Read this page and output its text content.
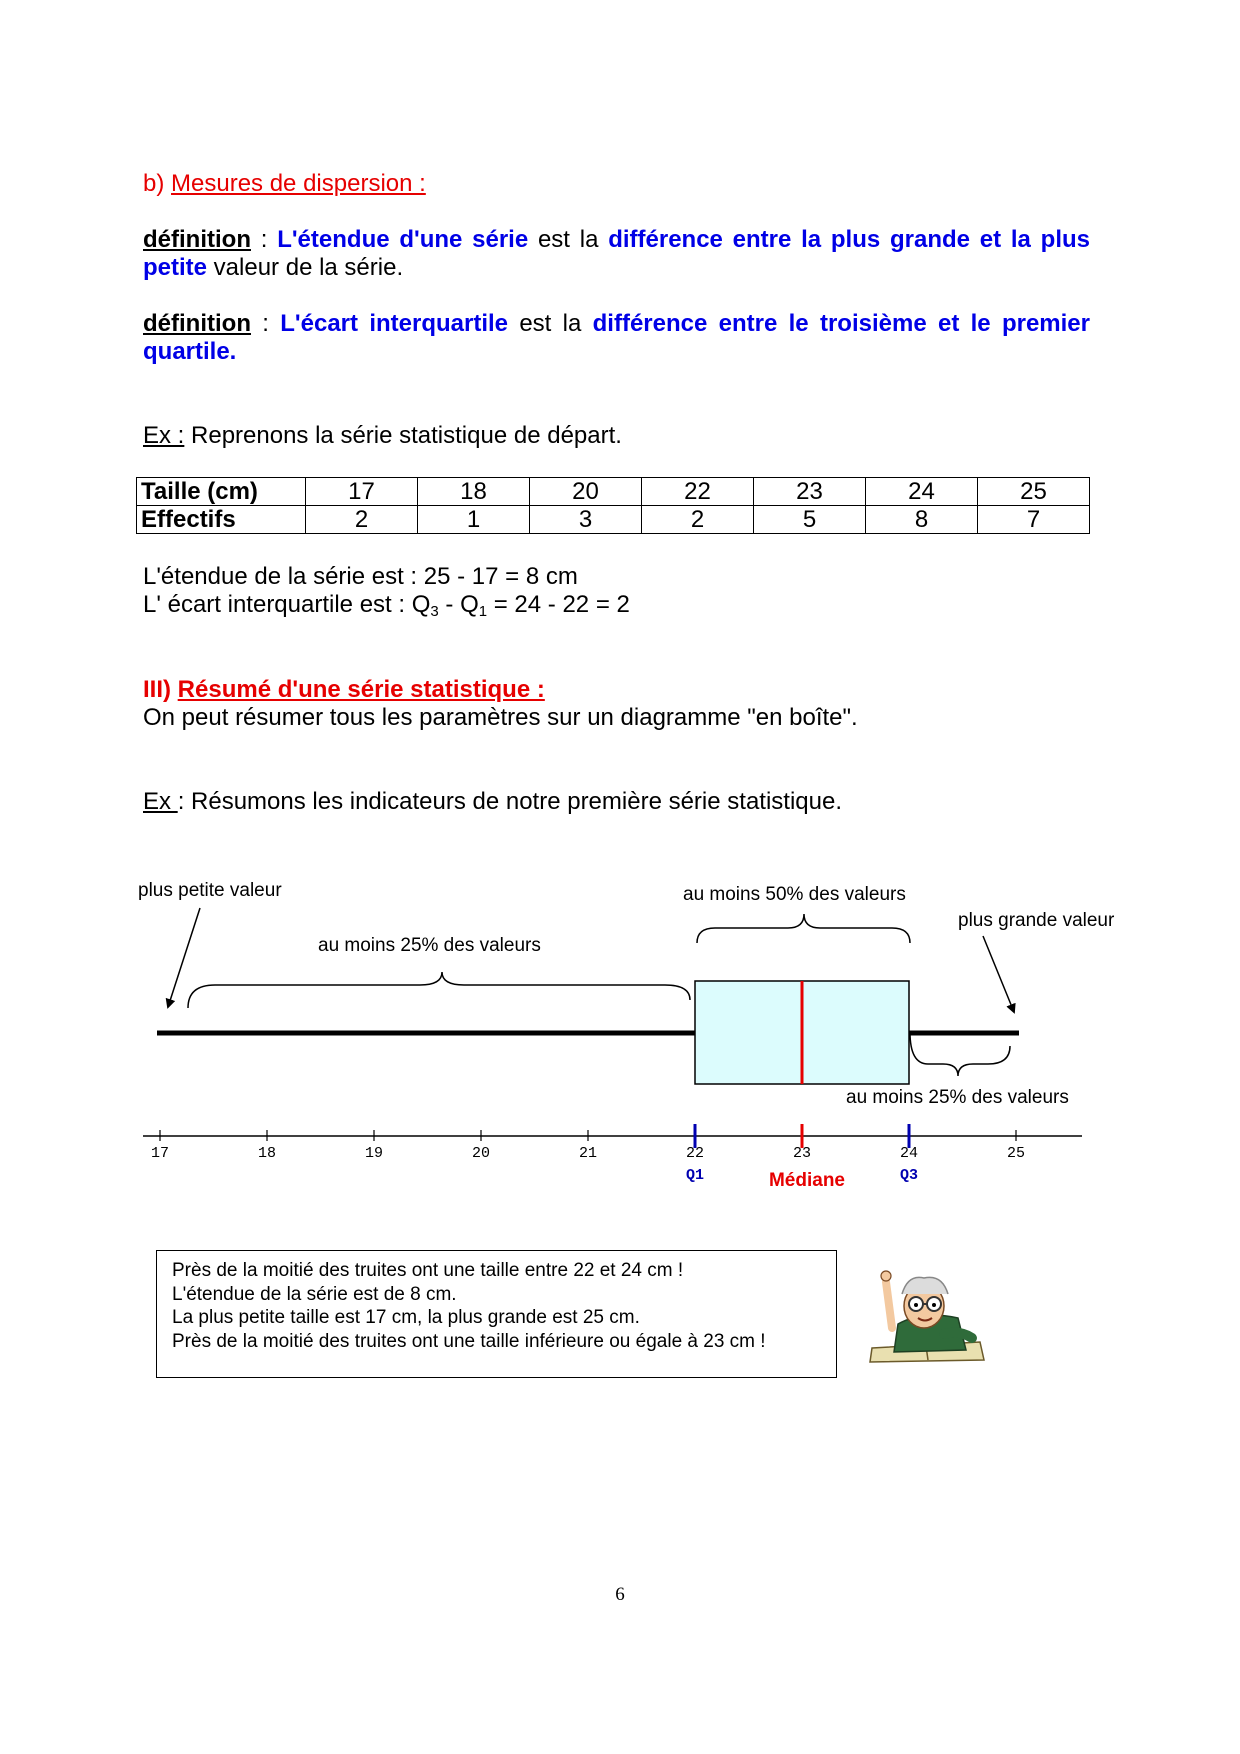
b) Mesures de dispersion :
définition : L'étendue d'une série est la différence entre la plus grande et la plus petite valeur de la série.
définition : L'écart interquartile est la différence entre le troisième et le premier quartile.
Ex : Reprenons la série statistique de départ.
Taille (cm)	17	18	20	22	23	24	25
Effectifs	2	1	3	2	5	8	7
L'étendue de la série est : 25 - 17 = 8 cm
L' écart interquartile est : $Q_3 - Q_1 = 24 - 22 = 2$
III) Résumé d'une série statistique :
On peut résumer tous les paramètres sur un diagramme "en boîte".
Ex : Résumons les indicateurs de notre première série statistique.
plus petite valeur	au moins 50% des valeurs
plus grande valeur
au moins 25% des valeurs
au moins 25% des valeurs
17	18	19	20	21	22	23	24	25
Q1	Q3
Médiane
Près de la moitié des truites ont une taille entre 22 et 24 cm !
L'étendue de la série est de 8 cm.
La plus petite taille est 17 cm, la plus grande est 25 cm.
Près de la moitié des truites ont une taille inférieure ou égale à 23 cm !
6
